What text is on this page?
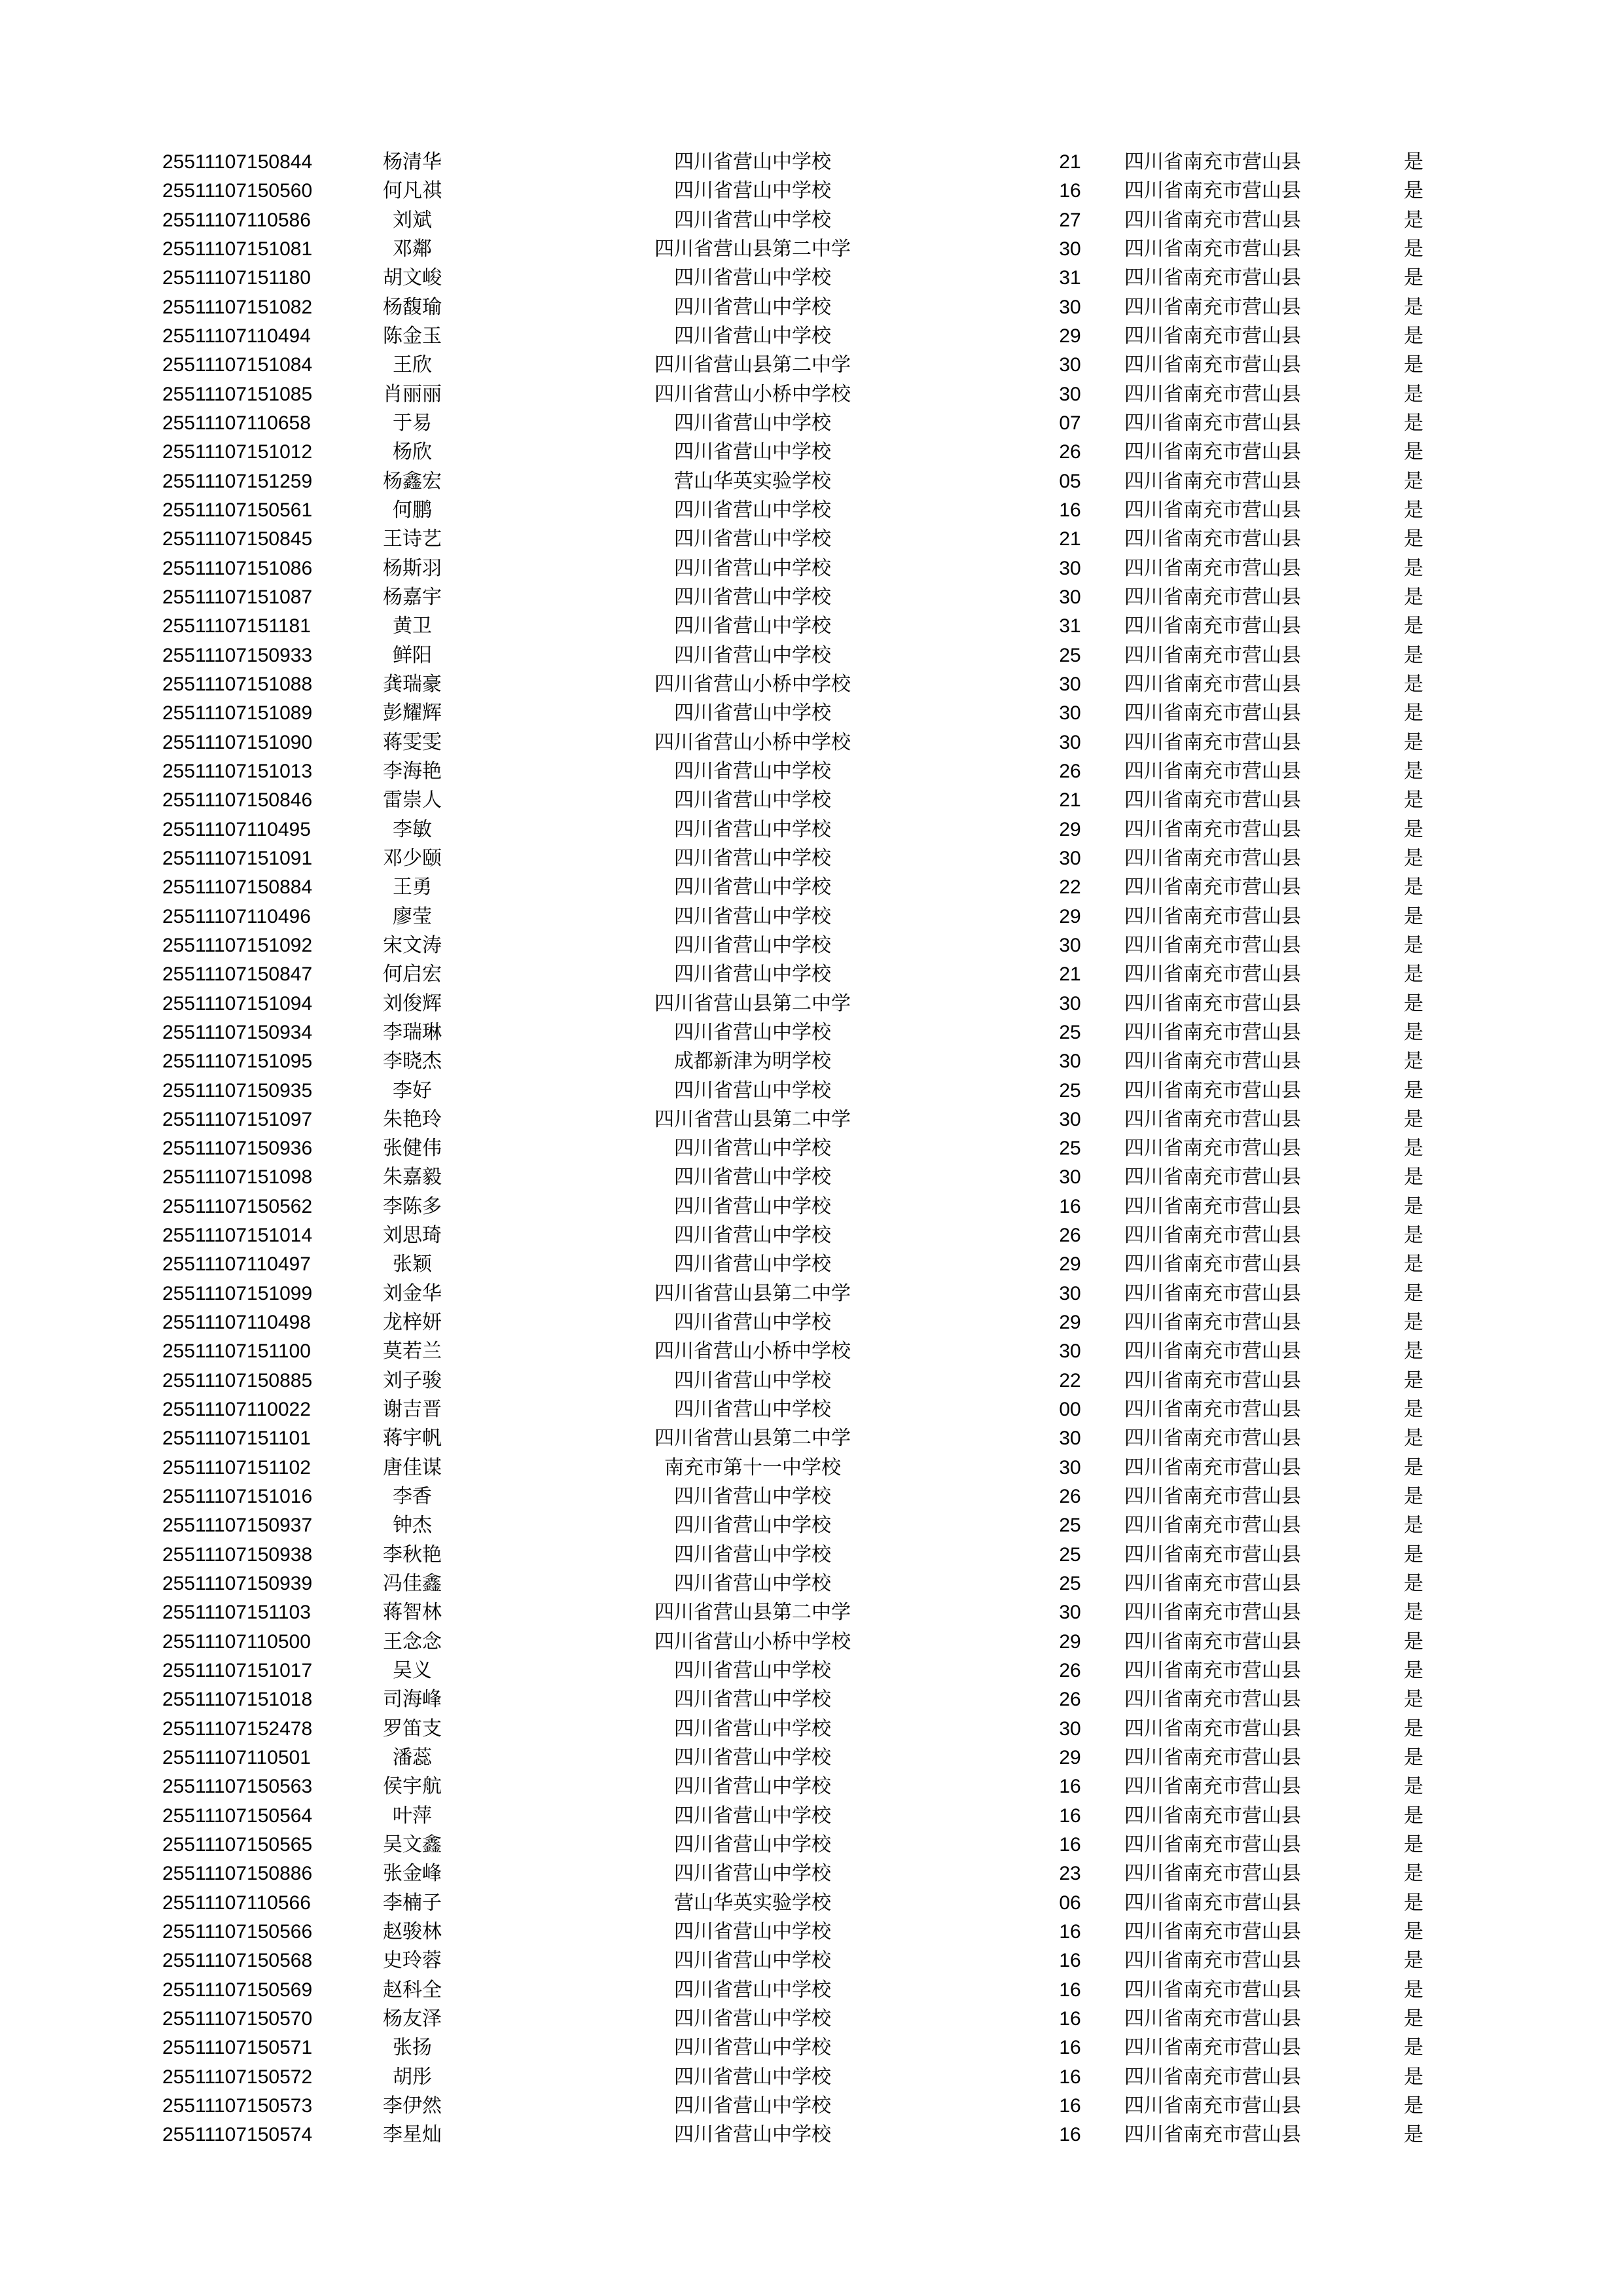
25511107150844	杨清华	四川省营山中学校	21	四川省南充市营山县	是
25511107150560	何凡祺	四川省营山中学校	16	四川省南充市营山县	是
25511107110586	刘斌	四川省营山中学校	27	四川省南充市营山县	是
25511107151081	邓鄰	四川省营山县第二中学	30	四川省南充市营山县	是
25511107151180	胡文峻	四川省营山中学校	31	四川省南充市营山县	是
25511107151082	杨馥瑜	四川省营山中学校	30	四川省南充市营山县	是
25511107110494	陈金玉	四川省营山中学校	29	四川省南充市营山县	是
25511107151084	王欣	四川省营山县第二中学	30	四川省南充市营山县	是
25511107151085	肖丽丽	四川省营山小桥中学校	30	四川省南充市营山县	是
25511107110658	于易	四川省营山中学校	07	四川省南充市营山县	是
25511107151012	杨欣	四川省营山中学校	26	四川省南充市营山县	是
25511107151259	杨鑫宏	营山华英实验学校	05	四川省南充市营山县	是
25511107150561	何鹏	四川省营山中学校	16	四川省南充市营山县	是
25511107150845	王诗艺	四川省营山中学校	21	四川省南充市营山县	是
25511107151086	杨斯羽	四川省营山中学校	30	四川省南充市营山县	是
25511107151087	杨嘉宇	四川省营山中学校	30	四川省南充市营山县	是
25511107151181	黄卫	四川省营山中学校	31	四川省南充市营山县	是
25511107150933	鲜阳	四川省营山中学校	25	四川省南充市营山县	是
25511107151088	龚瑞豪	四川省营山小桥中学校	30	四川省南充市营山县	是
25511107151089	彭耀辉	四川省营山中学校	30	四川省南充市营山县	是
25511107151090	蒋雯雯	四川省营山小桥中学校	30	四川省南充市营山县	是
25511107151013	李海艳	四川省营山中学校	26	四川省南充市营山县	是
25511107150846	雷崇人	四川省营山中学校	21	四川省南充市营山县	是
25511107110495	李敏	四川省营山中学校	29	四川省南充市营山县	是
25511107151091	邓少颐	四川省营山中学校	30	四川省南充市营山县	是
25511107150884	王勇	四川省营山中学校	22	四川省南充市营山县	是
25511107110496	廖莹	四川省营山中学校	29	四川省南充市营山县	是
25511107151092	宋文涛	四川省营山中学校	30	四川省南充市营山县	是
25511107150847	何启宏	四川省营山中学校	21	四川省南充市营山县	是
25511107151094	刘俊辉	四川省营山县第二中学	30	四川省南充市营山县	是
25511107150934	李瑞琳	四川省营山中学校	25	四川省南充市营山县	是
25511107151095	李晓杰	成都新津为明学校	30	四川省南充市营山县	是
25511107150935	李好	四川省营山中学校	25	四川省南充市营山县	是
25511107151097	朱艳玲	四川省营山县第二中学	30	四川省南充市营山县	是
25511107150936	张健伟	四川省营山中学校	25	四川省南充市营山县	是
25511107151098	朱嘉毅	四川省营山中学校	30	四川省南充市营山县	是
25511107150562	李陈多	四川省营山中学校	16	四川省南充市营山县	是
25511107151014	刘思琦	四川省营山中学校	26	四川省南充市营山县	是
25511107110497	张颖	四川省营山中学校	29	四川省南充市营山县	是
25511107151099	刘金华	四川省营山县第二中学	30	四川省南充市营山县	是
25511107110498	龙梓妍	四川省营山中学校	29	四川省南充市营山县	是
25511107151100	莫若兰	四川省营山小桥中学校	30	四川省南充市营山县	是
25511107150885	刘子骏	四川省营山中学校	22	四川省南充市营山县	是
25511107110022	谢吉晋	四川省营山中学校	00	四川省南充市营山县	是
25511107151101	蒋宇帆	四川省营山县第二中学	30	四川省南充市营山县	是
25511107151102	唐佳谋	南充市第十一中学校	30	四川省南充市营山县	是
25511107151016	李香	四川省营山中学校	26	四川省南充市营山县	是
25511107150937	钟杰	四川省营山中学校	25	四川省南充市营山县	是
25511107150938	李秋艳	四川省营山中学校	25	四川省南充市营山县	是
25511107150939	冯佳鑫	四川省营山中学校	25	四川省南充市营山县	是
25511107151103	蒋智林	四川省营山县第二中学	30	四川省南充市营山县	是
25511107110500	王念念	四川省营山小桥中学校	29	四川省南充市营山县	是
25511107151017	吴义	四川省营山中学校	26	四川省南充市营山县	是
25511107151018	司海峰	四川省营山中学校	26	四川省南充市营山县	是
25511107152478	罗笛支	四川省营山中学校	30	四川省南充市营山县	是
25511107110501	潘蕊	四川省营山中学校	29	四川省南充市营山县	是
25511107150563	侯宇航	四川省营山中学校	16	四川省南充市营山县	是
25511107150564	叶萍	四川省营山中学校	16	四川省南充市营山县	是
25511107150565	吴文鑫	四川省营山中学校	16	四川省南充市营山县	是
25511107150886	张金峰	四川省营山中学校	23	四川省南充市营山县	是
25511107110566	李楠子	营山华英实验学校	06	四川省南充市营山县	是
25511107150566	赵骏林	四川省营山中学校	16	四川省南充市营山县	是
25511107150568	史玲蓉	四川省营山中学校	16	四川省南充市营山县	是
25511107150569	赵科全	四川省营山中学校	16	四川省南充市营山县	是
25511107150570	杨友泽	四川省营山中学校	16	四川省南充市营山县	是
25511107150571	张扬	四川省营山中学校	16	四川省南充市营山县	是
25511107150572	胡彤	四川省营山中学校	16	四川省南充市营山县	是
25511107150573	李伊然	四川省营山中学校	16	四川省南充市营山县	是
25511107150574	李星灿	四川省营山中学校	16	四川省南充市营山县	是
